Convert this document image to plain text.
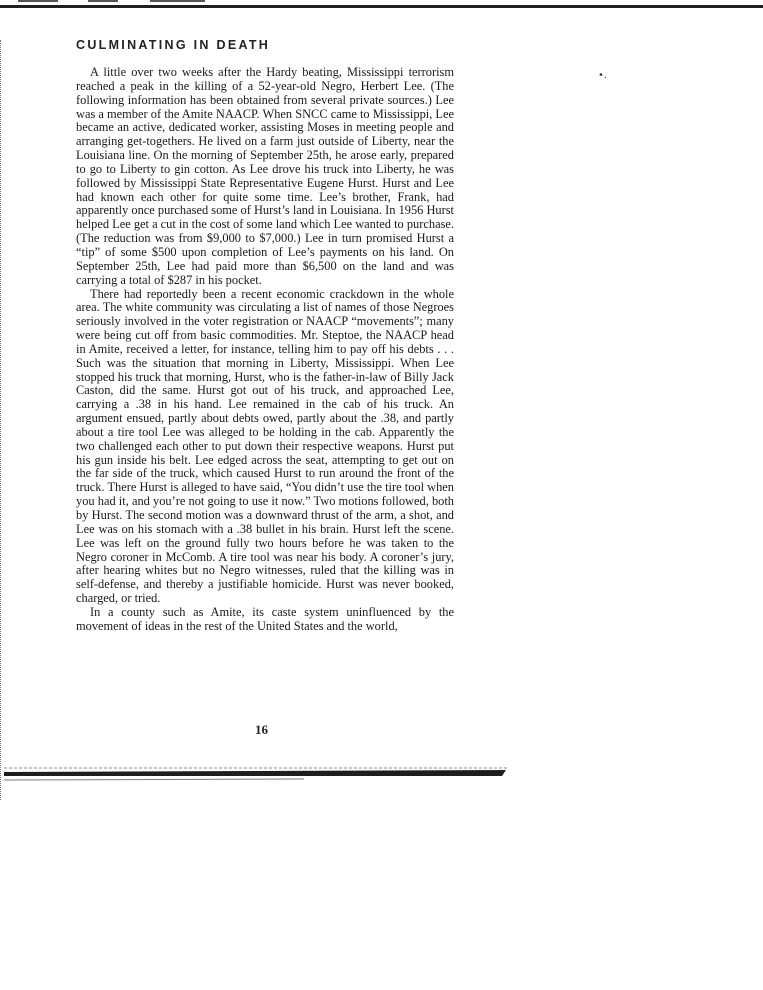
•.
CULMINATING IN DEATH

A little over two weeks after the Hardy beating, Mississippi terrorism reached a peak in the killing of a 52-year-old Negro, Herbert Lee. (The following information has been obtained from several private sources.) Lee was a member of the Amite NAACP. When SNCC came to Mississippi, Lee became an active, dedicated worker, assisting Moses in meeting people and arranging get-togethers. He lived on a farm just outside of Liberty, near the Louisiana line. On the morning of September 25th, he arose early, prepared to go to Liberty to gin cotton. As Lee drove his truck into Liberty, he was followed by Mississippi State Representative Eugene Hurst. Hurst and Lee had known each other for quite some time. Lee’s brother, Frank, had apparently once purchased some of Hurst’s land in Louisiana. In 1956 Hurst helped Lee get a cut in the cost of some land which Lee wanted to purchase. (The reduction was from $9,000 to $7,000.) Lee in turn promised Hurst a “tip” of some $500 upon completion of Lee’s payments on his land. On September 25th, Lee had paid more than $6,500 on the land and was carrying a total of $287 in his pocket.

There had reportedly been a recent economic crackdown in the whole area. The white community was circulating a list of names of those Negroes seriously involved in the voter registration or NAACP “movements”; many were being cut off from basic commodities. Mr. Steptoe, the NAACP head in Amite, received a letter, for instance, telling him to pay off his debts . . . Such was the situation that morning in Liberty, Mississippi. When Lee stopped his truck that morning, Hurst, who is the father-in-law of Billy Jack Caston, did the same. Hurst got out of his truck, and approached Lee, carrying a .38 in his hand. Lee remained in the cab of his truck. An argument ensued, partly about debts owed, partly about the .38, and partly about a tire tool Lee was alleged to be holding in the cab. Apparently the two challenged each other to put down their respective weapons. Hurst put his gun inside his belt. Lee edged across the seat, attempting to get out on the far side of the truck, which caused Hurst to run around the front of the truck. There Hurst is alleged to have said, “You didn’t use the tire tool when you had it, and you’re not going to use it now.” Two motions followed, both by Hurst. The second motion was a downward thrust of the arm, a shot, and Lee was on his stomach with a .38 bullet in his brain. Hurst left the scene. Lee was left on the ground fully two hours before he was taken to the Negro coroner in McComb. A tire tool was near his body. A coroner’s jury, after hearing whites but no Negro witnesses, ruled that the killing was in self-defense, and thereby a justifiable homicide. Hurst was never booked, charged, or tried.

In a county such as Amite, its caste system uninfluenced by the movement of ideas in the rest of the United States and the world,

16
